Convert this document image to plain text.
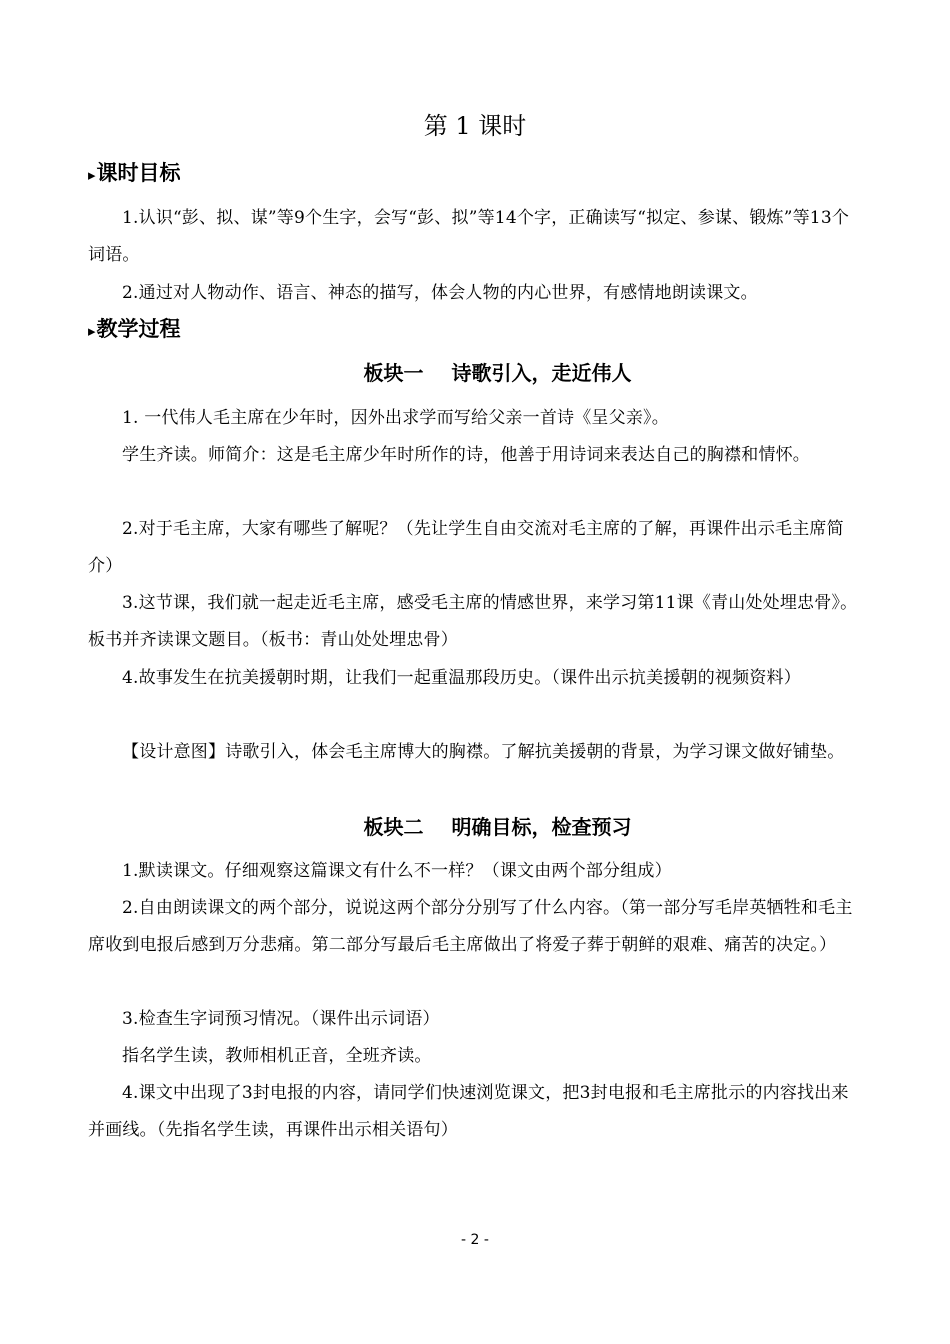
第 1 课时
▸课时目标
1.认识“彭、拟、谋”等9个生字，会写“彭、拟”等14个字，正确读写“拟定、参谋、锻炼”等13个词语。
2.通过对人物动作、语言、神态的描写，体会人物的内心世界，有感情地朗读课文。
▸教学过程
板块一 诗歌引入，走近伟人
1. 一代伟人毛主席在少年时，因外出求学而写给父亲一首诗《呈父亲》。
学生齐读。师简介：这是毛主席少年时所作的诗，他善于用诗词来表达自己的胸襟和情怀。
2.对于毛主席，大家有哪些了解呢？（先让学生自由交流对毛主席的了解，再课件出示毛主席简介）
3.这节课，我们就一起走近毛主席，感受毛主席的情感世界，来学习第11课《青山处处埋忠骨》。板书并齐读课文题目。（板书：青山处处埋忠骨）
4.故事发生在抗美援朝时期，让我们一起重温那段历史。（课件出示抗美援朝的视频资料）
【设计意图】诗歌引入，体会毛主席博大的胸襟。了解抗美援朝的背景，为学习课文做好铺垫。
板块二 明确目标，检查预习
1.默读课文。仔细观察这篇课文有什么不一样？（课文由两个部分组成）
2.自由朗读课文的两个部分，说说这两个部分分别写了什么内容。（第一部分写毛岸英牺牲和毛主席收到电报后感到万分悲痛。第二部分写最后毛主席做出了将爱子葬于朝鲜的艰难、痛苦的决定。）
3.检查生字词预习情况。（课件出示词语）
指名学生读，教师相机正音，全班齐读。
4.课文中出现了3封电报的内容，请同学们快速浏览课文，把3封电报和毛主席批示的内容找出来并画线。（先指名学生读，再课件出示相关语句）
- 2 -
